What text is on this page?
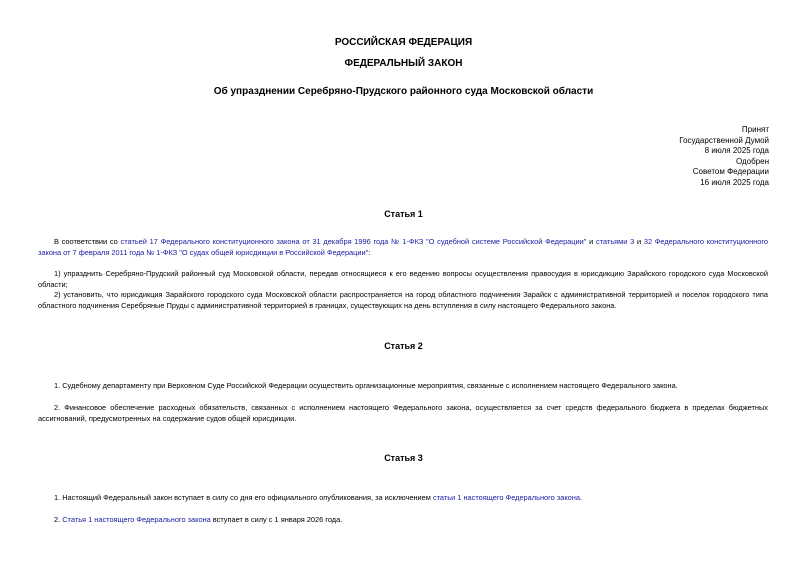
РОССИЙСКАЯ ФЕДЕРАЦИЯ
ФЕДЕРАЛЬНЫЙ ЗАКОН
Об упразднении Серебряно-Прудского районного суда Московской области
Принят
Государственной Думой
8 июля 2025 года
Одобрен
Советом Федерации
16 июля 2025 года
Статья 1
В соответствии со статьей 17 Федерального конституционного закона от 31 декабря 1996 года № 1-ФКЗ "О судебной системе Российской Федерации" и статьями 3 и 32 Федерального конституционного закона от 7 февраля 2011 года № 1-ФКЗ "О судах общей юрисдикции в Российской Федерации":
1) упразднить Серебряно-Прудский районный суд Московской области, передав относящиеся к его ведению вопросы осуществления правосудия в юрисдикцию Зарайского городского суда Московской области;
2) установить, что юрисдикция Зарайского городского суда Московской области распространяется на город областного подчинения Зарайск с административной территорией и поселок городского типа областного подчинения Серебряные Пруды с административной территорией в границах, существующих на день вступления в силу настоящего Федерального закона.
Статья 2
1. Судебному департаменту при Верховном Суде Российской Федерации осуществить организационные мероприятия, связанные с исполнением настоящего Федерального закона.
2. Финансовое обеспечение расходных обязательств, связанных с исполнением настоящего Федерального закона, осуществляется за счет средств федерального бюджета в пределах бюджетных ассигнований, предусмотренных на содержание судов общей юрисдикции.
Статья 3
1. Настоящий Федеральный закон вступает в силу со дня его официального опубликования, за исключением статьи 1 настоящего Федерального закона.
2. Статья 1 настоящего Федерального закона вступает в силу с 1 января 2026 года.
